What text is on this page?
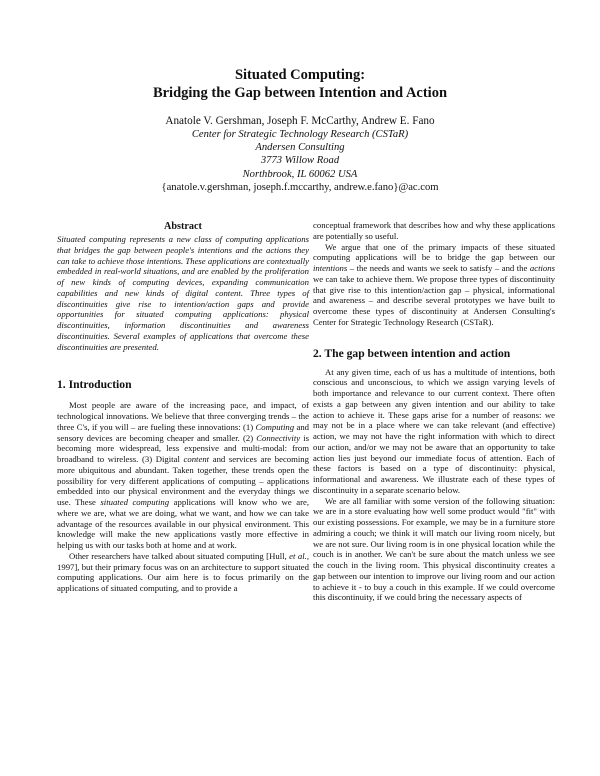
Situated Computing:
Bridging the Gap between Intention and Action
Anatole V. Gershman, Joseph F. McCarthy, Andrew E. Fano
Center for Strategic Technology Research (CSTaR)
Andersen Consulting
3773 Willow Road
Northbrook, IL 60062 USA
{anatole.v.gershman, joseph.f.mccarthy, andrew.e.fano}@ac.com
Abstract

Situated computing represents a new class of computing applications that bridges the gap between people's intentions and the actions they can take to achieve those intentions. These applications are contextually embedded in real-world situations, and are enabled by the proliferation of new kinds of computing devices, expanding communication capabilities and new kinds of digital content. Three types of discontinuities give rise to intention/action gaps and provide opportunities for situated computing applications: physical discontinuities, information discontinuities and awareness discontinuities. Several examples of applications that overcome these discontinuities are presented.

1. Introduction

Most people are aware of the increasing pace, and impact, of technological innovations. We believe that three converging trends – the three C's, if you will – are fueling these innovations: (1) Computing and sensory devices are becoming cheaper and smaller. (2) Connectivity is becoming more widespread, less expensive and multi-modal: from broadband to wireless. (3) Digital content and services are becoming more ubiquitous and abundant. Taken together, these trends open the possibility for very different applications of computing – applications embedded into our physical environment and the everyday things we use. These situated computing applications will know who we are, where we are, what we are doing, what we want, and how we can take advantage of the resources available in our physical environment. This knowledge will make the new applications vastly more effective in helping us with our tasks both at home and at work.

Other researchers have talked about situated computing [Hull, et al., 1997], but their primary focus was on an architecture to support situated computing applications. Our aim here is to focus primarily on the applications of situated computing, and to provide a

conceptual framework that describes how and why these applications are potentially so useful.

We argue that one of the primary impacts of these situated computing applications will be to bridge the gap between our intentions – the needs and wants we seek to satisfy – and the actions we can take to achieve them. We propose three types of discontinuity that give rise to this intention/action gap – physical, informational and awareness – and describe several prototypes we have built to overcome these types of discontinuity at Andersen Consulting's Center for Strategic Technology Research (CSTaR).

2. The gap between intention and action

At any given time, each of us has a multitude of intentions, both conscious and unconscious, to which we assign varying levels of both importance and relevance to our current context. There often exists a gap between any given intention and our ability to take action to achieve it. These gaps arise for a number of reasons: we may not be in a place where we can take relevant (and effective) action, we may not have the right information with which to direct our action, and/or we may not be aware that an opportunity to take action lies just beyond our immediate focus of attention. Each of these factors is based on a type of discontinuity: physical, informational and awareness. We illustrate each of these types of discontinuity in a separate scenario below.

We are all familiar with some version of the following situation: we are in a store evaluating how well some product would "fit" with our existing possessions. For example, we may be in a furniture store admiring a couch; we think it will match our living room nicely, but we are not sure. Our living room is in one physical location while the couch is in another. We can't be sure about the match unless we see the couch in the living room. This physical discontinuity creates a gap between our intention to improve our living room and our action to achieve it - to buy a couch in this example. If we could overcome this discontinuity, if we could bring the necessary aspects of
